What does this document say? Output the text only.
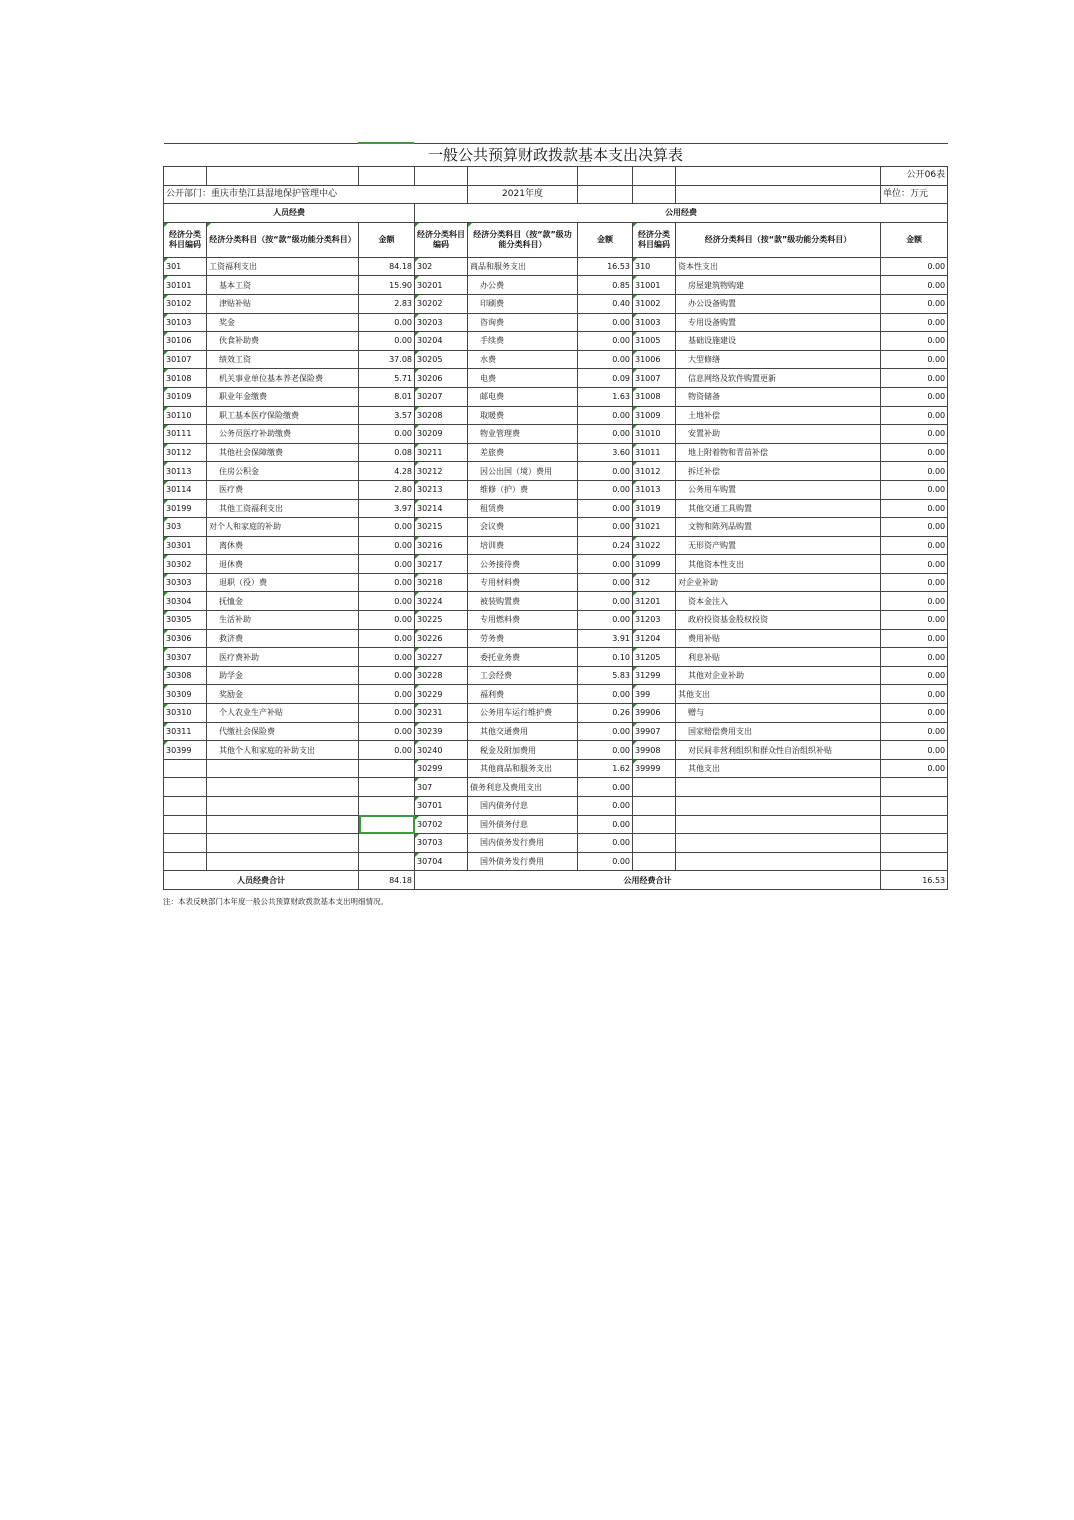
一般公共预算财政拨款基本支出决算表								
								公开06表
公开部门：重庆市垫江县湿地保护管理中心				2021年度				单位：万元
人员经费			公用经费					
经济分类科目编码	经济分类科目（按“款”级功能分类科目）	金额	经济分类科目编码	经济分类科目（按“款”级功能分类科目）	金额	经济分类科目编码	经济分类科目（按“款”级功能分类科目）	金额
301	工资福利支出	84.18	302	商品和服务支出	16.53	310	资本性支出	0.00
30101	基本工资	15.90	30201	办公费	0.85	31001	房屋建筑物购建	0.00
30102	津贴补贴	2.83	30202	印刷费	0.40	31002	办公设备购置	0.00
30103	奖金	0.00	30203	咨询费	0.00	31003	专用设备购置	0.00
30106	伙食补助费	0.00	30204	手续费	0.00	31005	基础设施建设	0.00
30107	绩效工资	37.08	30205	水费	0.00	31006	大型修缮	0.00
30108	机关事业单位基本养老保险费	5.71	30206	电费	0.09	31007	信息网络及软件购置更新	0.00
30109	职业年金缴费	8.01	30207	邮电费	1.63	31008	物资储备	0.00
30110	职工基本医疗保险缴费	3.57	30208	取暖费	0.00	31009	土地补偿	0.00
30111	公务员医疗补助缴费	0.00	30209	物业管理费	0.00	31010	安置补助	0.00
30112	其他社会保障缴费	0.08	30211	差旅费	3.60	31011	地上附着物和青苗补偿	0.00
30113	住房公积金	4.28	30212	因公出国（境）费用	0.00	31012	拆迁补偿	0.00
30114	医疗费	2.80	30213	维修（护）费	0.00	31013	公务用车购置	0.00
30199	其他工资福利支出	3.97	30214	租赁费	0.00	31019	其他交通工具购置	0.00
303	对个人和家庭的补助	0.00	30215	会议费	0.00	31021	文物和陈列品购置	0.00
30301	离休费	0.00	30216	培训费	0.24	31022	无形资产购置	0.00
30302	退休费	0.00	30217	公务接待费	0.00	31099	其他资本性支出	0.00
30303	退职（役）费	0.00	30218	专用材料费	0.00	312	对企业补助	0.00
30304	抚恤金	0.00	30224	被装购置费	0.00	31201	资本金注入	0.00
30305	生活补助	0.00	30225	专用燃料费	0.00	31203	政府投资基金股权投资	0.00
30306	救济费	0.00	30226	劳务费	3.91	31204	费用补贴	0.00
30307	医疗费补助	0.00	30227	委托业务费	0.10	31205	利息补贴	0.00
30308	助学金	0.00	30228	工会经费	5.83	31299	其他对企业补助	0.00
30309	奖励金	0.00	30229	福利费	0.00	399	其他支出	0.00
30310	个人农业生产补贴	0.00	30231	公务用车运行维护费	0.26	39906	赠与	0.00
30311	代缴社会保险费	0.00	30239	其他交通费用	0.00	39907	国家赔偿费用支出	0.00
30399	其他个人和家庭的补助支出	0.00	30240	税金及附加费用	0.00	39908	对民间非营利组织和群众性自治组织补贴	0.00
			30299	其他商品和服务支出	1.62	39999	其他支出	0.00
			307	债务利息及费用支出	0.00			
			30701	国内债务付息	0.00			
			30702	国外债务付息	0.00			
			30703	国内债务发行费用	0.00			
			30704	国外债务发行费用	0.00			
人员经费合计		84.18	公用经费合计					16.53
注：本表反映部门本年度一般公共预算财政拨款基本支出明细情况。
